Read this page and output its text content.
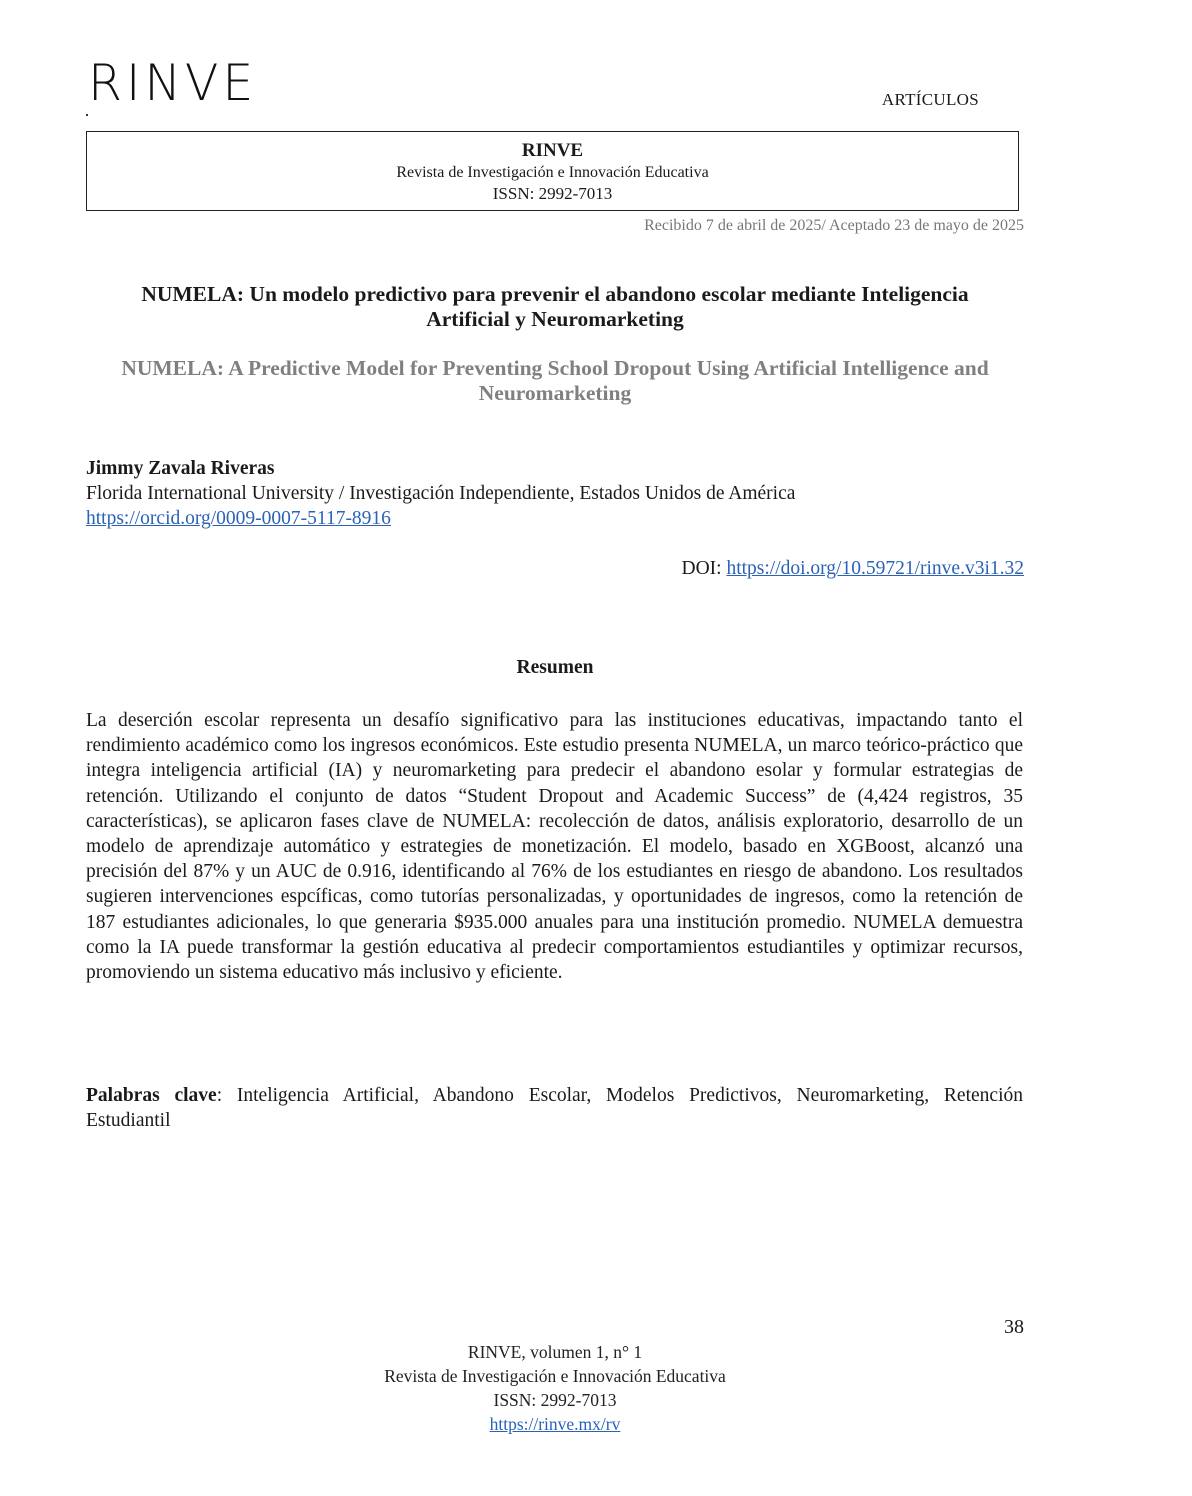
RINVE	ARTÍCULOS
RINVE
Revista de Investigación e Innovación Educativa
ISSN: 2992-7013
Recibido 7 de abril de 2025/ Aceptado 23 de mayo de 2025
NUMELA: Un modelo predictivo para prevenir el abandono escolar mediante Inteligencia Artificial y Neuromarketing
NUMELA: A Predictive Model for Preventing School Dropout Using Artificial Intelligence and Neuromarketing
Jimmy Zavala Riveras
Florida International University / Investigación Independiente, Estados Unidos de América
https://orcid.org/0009-0007-5117-8916
DOI: https://doi.org/10.59721/rinve.v3i1.32
Resumen

La deserción escolar representa un desafío significativo para las instituciones educativas, impactando tanto el rendimiento académico como los ingresos económicos. Este estudio presenta NUMELA, un marco teórico-práctico que integra inteligencia artificial (IA) y neuromarketing para predecir el abandono esolar y formular estrategias de retención. Utilizando el conjunto de datos “Student Dropout and Academic Success” de (4,424 registros, 35 características), se aplicaron fases clave de NUMELA: recolección de datos, análisis exploratorio, desarrollo de un modelo de aprendizaje automático y estrategies de monetización. El modelo, basado en XGBoost, alcanzó una precisión del 87% y un AUC de 0.916, identificando al 76% de los estudiantes en riesgo de abandono. Los resultados sugieren intervenciones espcíficas, como tutorías personalizadas, y oportunidades de ingresos, como la retención de 187 estudiantes adicionales, lo que generaria $935.000 anuales para una institución promedio. NUMELA demuestra como la IA puede transformar la gestión educativa al predecir comportamientos estudiantiles y optimizar recursos, promoviendo un sistema educativo más inclusivo y eficiente.

Palabras clave: Inteligencia Artificial, Abandono Escolar, Modelos Predictivos, Neuromarketing, Retención Estudiantil

38
RINVE, volumen 1, n° 1
Revista de Investigación e Innovación Educativa
ISSN: 2992-7013
https://rinve.mx/rv
